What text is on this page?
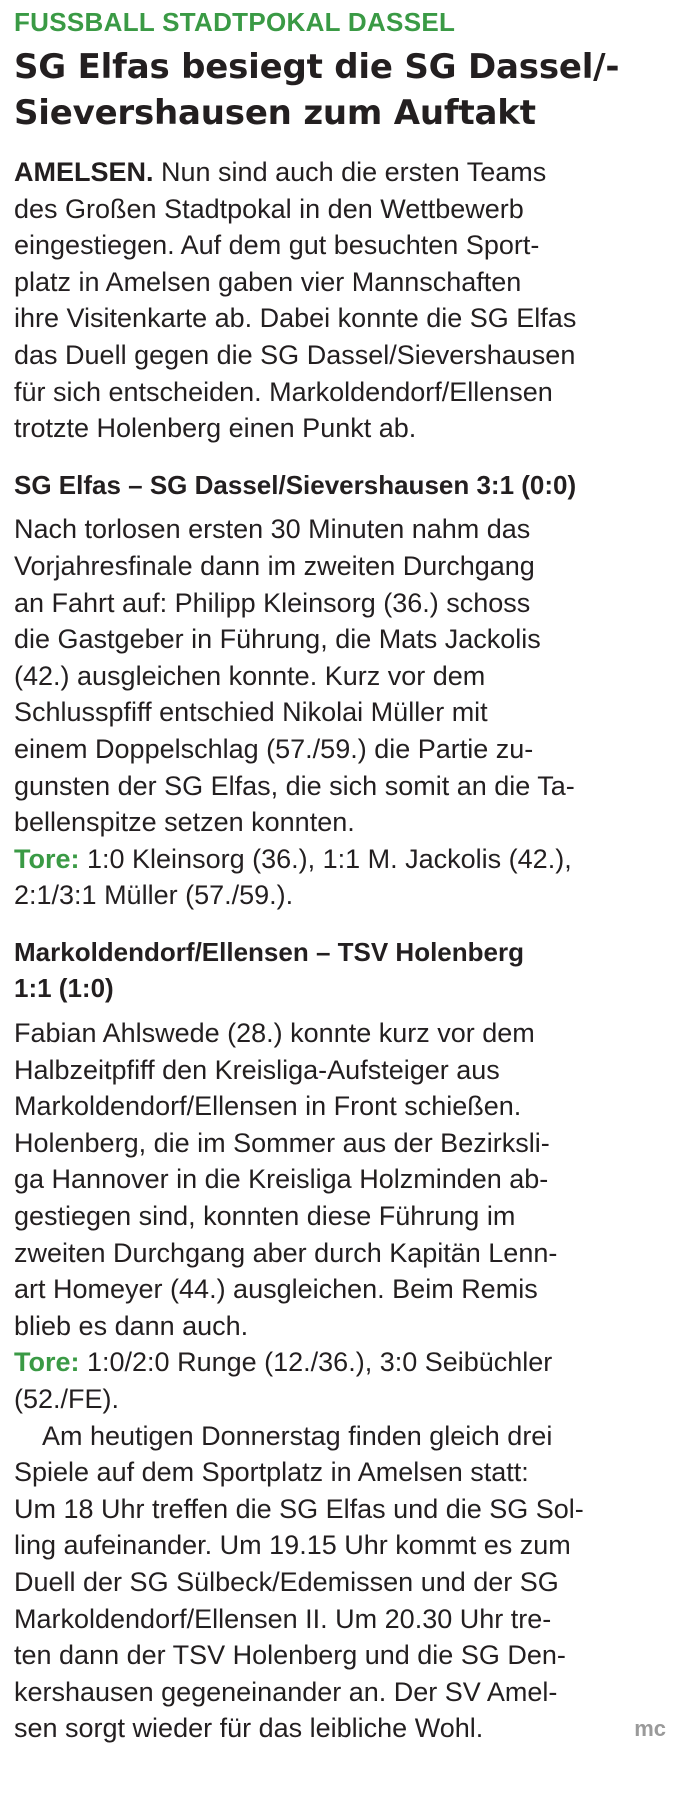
FUSSBALL STADTPOKAL DASSEL

SG Elfas besiegt die SG Dassel/-
Sievershausen zum Auftakt

AMELSEN. Nun sind auch die ersten Teams
des Großen Stadtpokal in den Wettbewerb
eingestiegen. Auf dem gut besuchten Sport-
platz in Amelsen gaben vier Mannschaften
ihre Visitenkarte ab. Dabei konnte die SG Elfas
das Duell gegen die SG Dassel/Sievershausen
für sich entscheiden. Markoldendorf/Ellensen
trotzte Holenberg einen Punkt ab.

SG Elfas – SG Dassel/Sievershausen 3:1 (0:0)

Nach torlosen ersten 30 Minuten nahm das
Vorjahresfinale dann im zweiten Durchgang
an Fahrt auf: Philipp Kleinsorg (36.) schoss
die Gastgeber in Führung, die Mats Jackolis
(42.) ausgleichen konnte. Kurz vor dem
Schlusspfiff entschied Nikolai Müller mit
einem Doppelschlag (57./59.) die Partie zu-
gunsten der SG Elfas, die sich somit an die Ta-
bellenspitze setzen konnten.
Tore: 1:0 Kleinsorg (36.), 1:1 M. Jackolis (42.),
2:1/3:1 Müller (57./59.).

Markoldendorf/Ellensen – TSV Holenberg
1:1 (1:0)

Fabian Ahlswede (28.) konnte kurz vor dem
Halbzeitpfiff den Kreisliga-Aufsteiger aus
Markoldendorf/Ellensen in Front schießen.
Holenberg, die im Sommer aus der Bezirksli-
ga Hannover in die Kreisliga Holzminden ab-
gestiegen sind, konnten diese Führung im
zweiten Durchgang aber durch Kapitän Lenn-
art Homeyer (44.) ausgleichen. Beim Remis
blieb es dann auch.
Tore: 1:0/2:0 Runge (12./36.), 3:0 Seibüchler
(52./FE).
Am heutigen Donnerstag finden gleich drei
Spiele auf dem Sportplatz in Amelsen statt:
Um 18 Uhr treffen die SG Elfas und die SG Sol-
ling aufeinander. Um 19.15 Uhr kommt es zum
Duell der SG Sülbeck/Edemissen und der SG
Markoldendorf/Ellensen II. Um 20.30 Uhr tre-
ten dann der TSV Holenberg und die SG Den-
kershausen gegeneinander an. Der SV Amel-
sen sorgt wieder für das leibliche Wohl.	mc
